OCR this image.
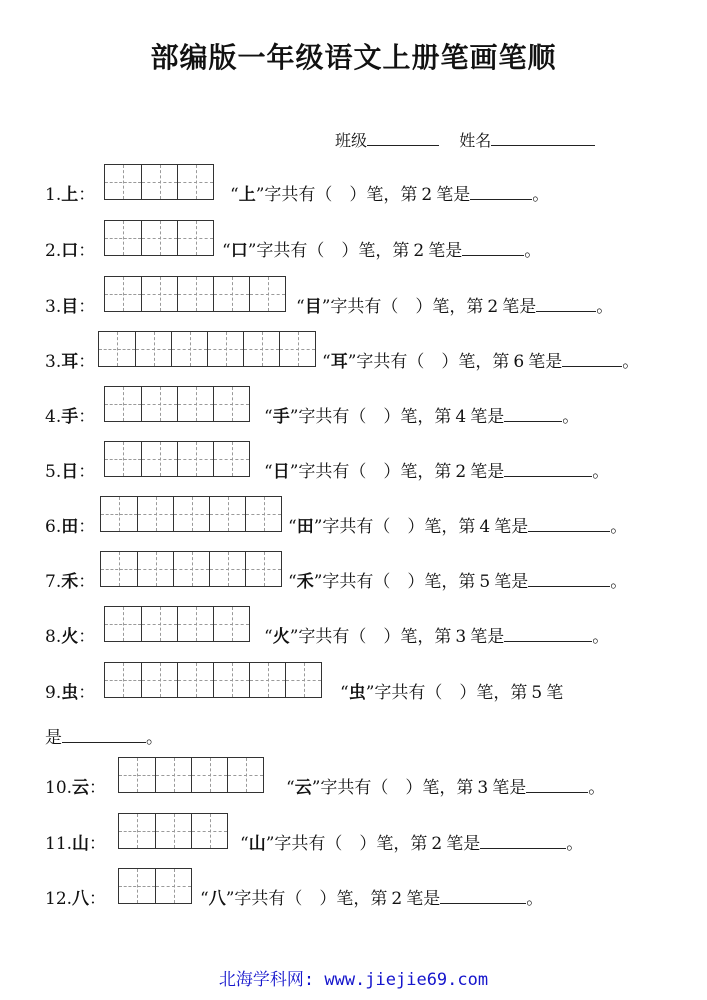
部编版一年级语文上册笔画笔顺
班级	姓名
1.上：	“上”字共有（　）笔，第 2 笔是	。
2.口：	“口”字共有（　）笔，第 2 笔是	。
3.目：	“目”字共有（　）笔，第 2 笔是	。
3.耳：	“耳”字共有（　）笔，第 6 笔是	。
4.手：	“手”字共有（　）笔，第 4 笔是	。
5.日：	“日”字共有（　）笔，第 2 笔是	。
6.田：	“田”字共有（　）笔，第 4 笔是	。
7.禾：	“禾”字共有（　）笔，第 5 笔是	。
8.火：	“火”字共有（　）笔，第 3 笔是	。
9.虫：	“虫”字共有（　）笔，第 5 笔
是	。
10.云：	“云”字共有（　）笔，第 3 笔是	。
11.山：	“山”字共有（　）笔，第 2 笔是	。
12.八：	“八”字共有（　）笔，第 2 笔是	。
北海学科网: www.jiejie69.com
